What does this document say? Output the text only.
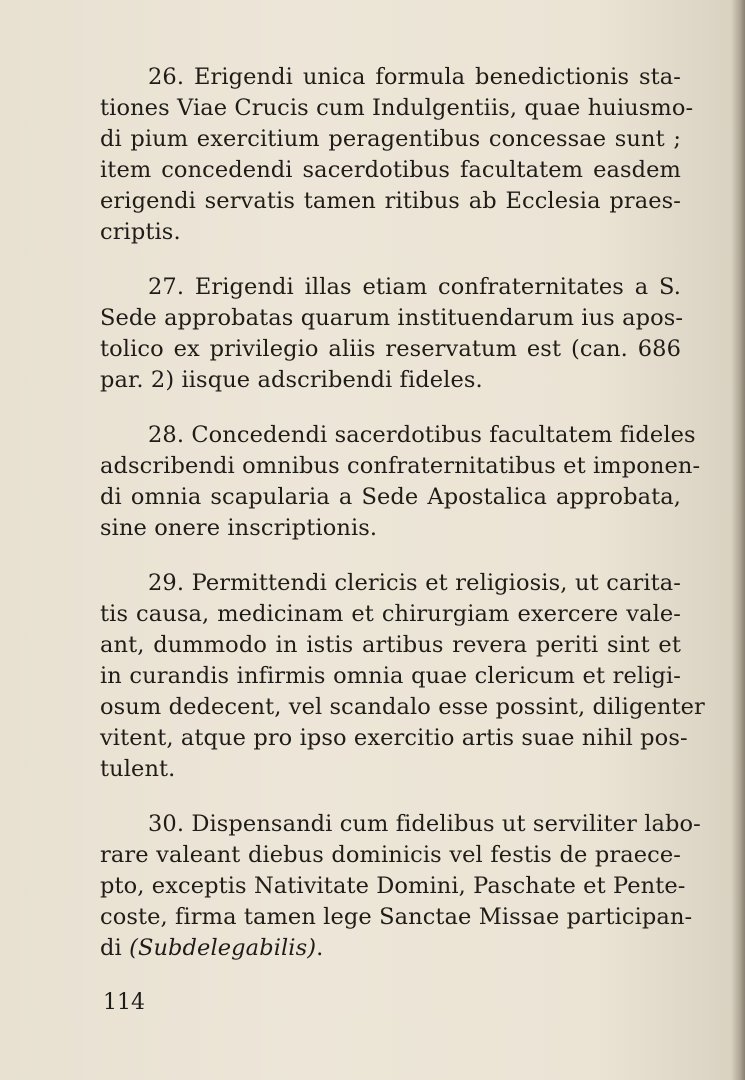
26. Erigendi unica formula benedictionis sta-
tiones Viae Crucis cum Indulgentiis, quae huiusmo-
di pium exercitium peragentibus concessae sunt ;
item concedendi sacerdotibus facultatem easdem
erigendi servatis tamen ritibus ab Ecclesia praes-
criptis.

27. Erigendi illas etiam confraternitates a S.
Sede approbatas quarum instituendarum ius apos-
tolico ex privilegio aliis reservatum est (can. 686
par. 2) iisque adscribendi fideles.

28. Concedendi sacerdotibus facultatem fideles
adscribendi omnibus confraternitatibus et imponen-
di omnia scapularia a Sede Apostalica approbata,
sine onere inscriptionis.

29. Permittendi clericis et religiosis, ut carita-
tis causa, medicinam et chirurgiam exercere vale-
ant, dummodo in istis artibus revera periti sint et
in curandis infirmis omnia quae clericum et religi-
osum dedecent, vel scandalo esse possint, diligenter
vitent, atque pro ipso exercitio artis suae nihil pos-
tulent.

30. Dispensandi cum fidelibus ut serviliter labo-
rare valeant diebus dominicis vel festis de praece-
pto, exceptis Nativitate Domini, Paschate et Pente-
coste, firma tamen lege Sanctae Missae participan-
di (Subdelegabilis).

114
